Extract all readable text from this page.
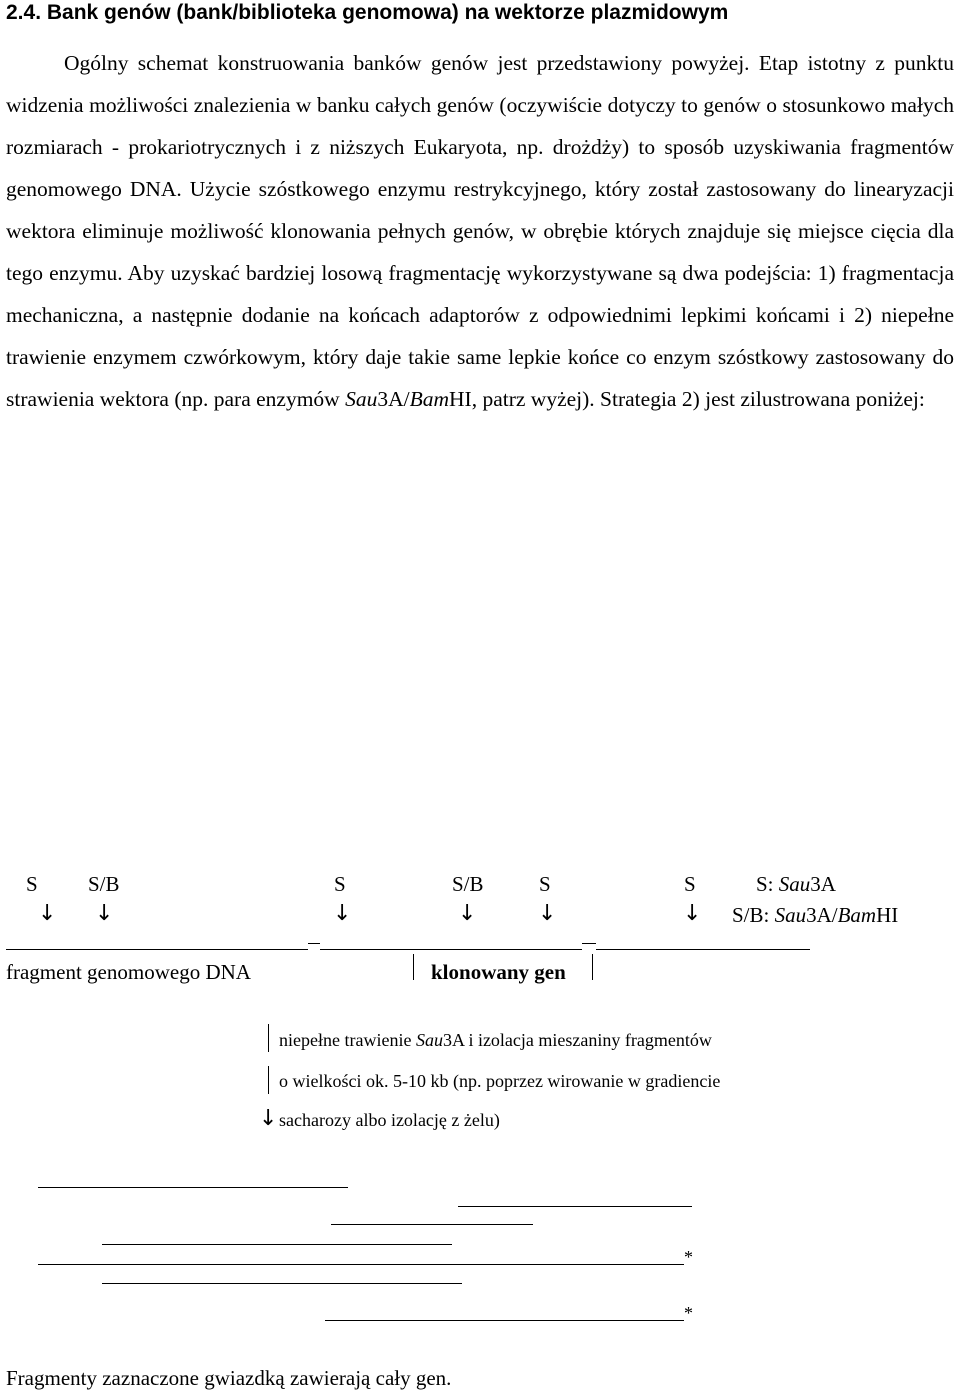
2.4. Bank genów (bank/biblioteka genomowa) na wektorze plazmidowym
Ogólny schemat konstruowania banków genów jest przedstawiony powyżej. Etap istotny z punktu widzenia możliwości znalezienia w banku całych genów (oczywiście dotyczy to genów o stosunkowo małych rozmiarach - prokariotrycznych i z niższych Eukaryota, np. drożdży) to sposób uzyskiwania fragmentów genomowego DNA. Użycie szóstkowego enzymu restrykcyjnego, który został zastosowany do linearyzacji wektora eliminuje możliwość klonowania pełnych genów, w obrębie których znajduje się miejsce cięcia dla tego enzymu. Aby uzyskać bardziej losową fragmentację wykorzystywane są dwa podejścia: 1) fragmentacja mechaniczna, a następnie dodanie na końcach adaptorów z odpowiednimi lepkimi końcami i 2) niepełne trawienie enzymem czwórkowym, który daje takie same lepkie końce co enzym szóstkowy zastosowany do strawienia wektora (np. para enzymów Sau3A/BamHI, patrz wyżej). Strategia 2) jest zilustrowana poniżej:
S S/B	S	S/B	S	S	S: Sau3A
↓ ↓	↓	↓	↓	↓ S/B: Sau3A/BamHI
fragment genomowego DNA	klonowany gen
↓
niepełne trawienie Sau3A i izolacja mieszaniny fragmentów
o wielkości ok. 5-10 kb (np. poprzez wirowanie w gradiencie
sacharozy albo izolację z żelu)
*
*
Fragmenty zaznaczone gwiazdką zawierają cały gen.
